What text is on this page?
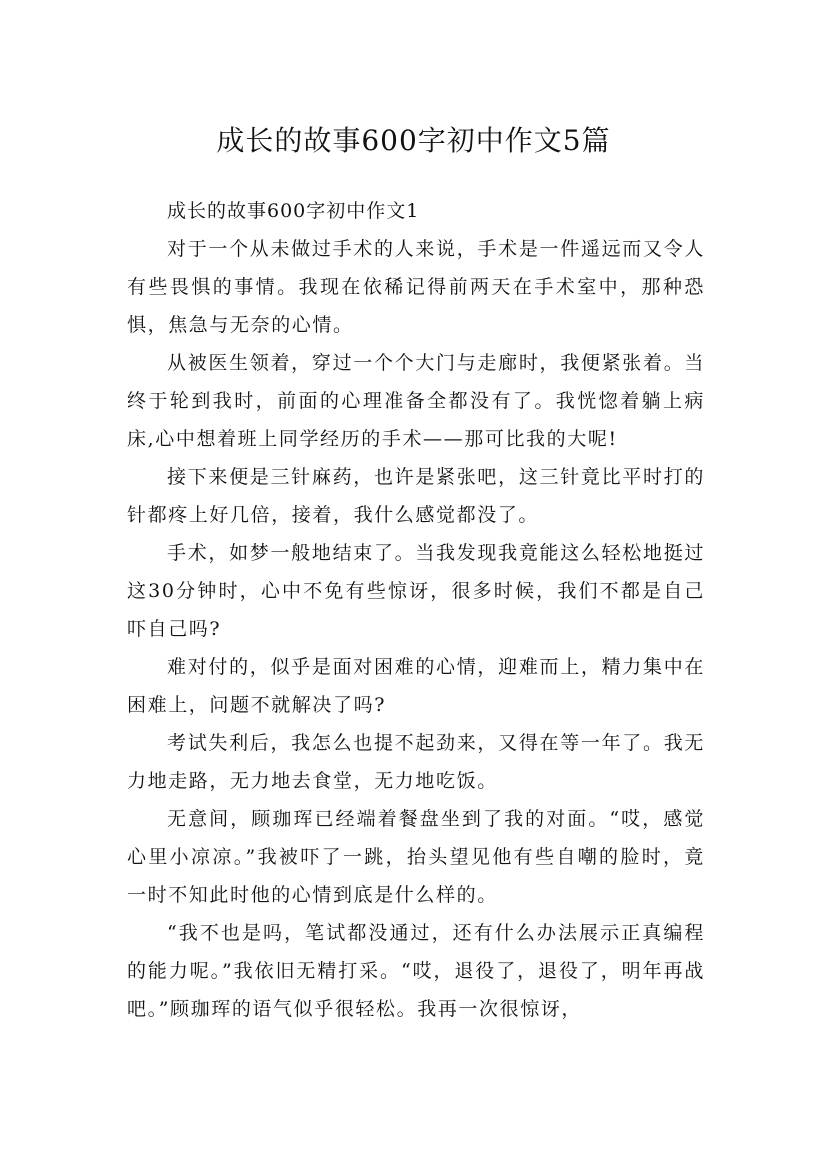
成长的故事600字初中作文5篇

成长的故事600字初中作文1

对于一个从未做过手术的人来说，手术是一件遥远而又令人有些畏惧的事情。我现在依稀记得前两天在手术室中，那种恐惧，焦急与无奈的心情。

从被医生领着，穿过一个个大门与走廊时，我便紧张着。当终于轮到我时，前面的心理准备全都没有了。我恍惚着躺上病床,心中想着班上同学经历的手术——那可比我的大呢!

接下来便是三针麻药，也许是紧张吧，这三针竟比平时打的针都疼上好几倍，接着，我什么感觉都没了。

手术，如梦一般地结束了。当我发现我竟能这么轻松地挺过这30分钟时，心中不免有些惊讶，很多时候，我们不都是自己吓自己吗?

难对付的，似乎是面对困难的心情，迎难而上，精力集中在困难上，问题不就解决了吗?

考试失利后，我怎么也提不起劲来，又得在等一年了。我无力地走路，无力地去食堂，无力地吃饭。

无意间，顾珈珲已经端着餐盘坐到了我的对面。“哎，感觉心里小凉凉。”我被吓了一跳，抬头望见他有些自嘲的脸时，竟一时不知此时他的心情到底是什么样的。

“我不也是吗，笔试都没通过，还有什么办法展示正真编程的能力呢。”我依旧无精打采。“哎，退役了，退役了，明年再战吧。”顾珈珲的语气似乎很轻松。我再一次很惊讶，
